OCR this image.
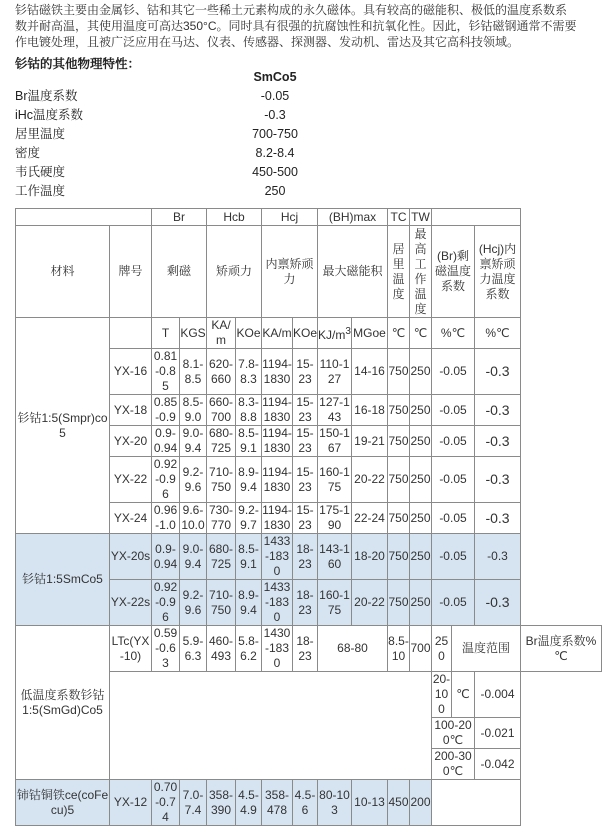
钐钴磁铁主要由金属钐、钴和其它一些稀土元素构成的永久磁体。具有较高的磁能积、极低的温度系数系数并耐高温，其使用温度可高达350°C。同时具有很强的抗腐蚀性和抗氧化性。因此，钐钴磁钢通常不需要作电镀处理，且被广泛应用在马达、仪表、传感器、探测器、发动机、雷达及其它高科技领域。
钐钴的其他物理特性：
SmCo5
Br温度系数	-0.05
iHc温度系数	-0.3
居里温度	700-750
密度	8.2-8.4
韦氏硬度	450-500
工作温度	250
		Br		Hcb		Hcj		(BH)max		TC	TW				
材料	牌号	剩磁		矫顽力		内禀矫顽力		最大磁能积		居里温度	最高工作温度	(Br)剩磁温度系数		(Hcj)内禀矫顽力温度系数	
钐钴1:5(Smpr)co5		T	KGS	KA/m	KOe	KA/m	KOe	$KJ/m^3$	MGoe	℃	℃	%℃		%℃	
	YX-16	0.81-0.85	8.1-8.5	620-660	7.8-8.3	1194-1830	15-23	110-127	14-16	750	250	-0.05		-0.3	
	YX-18	0.85-0.9	8.5-9.0	660-700	8.3-8.8	1194-1830	15-23	127-143	16-18	750	250	-0.05		-0.3	
	YX-20	0.9-0.94	9.0-9.4	680-725	8.5-9.1	1194-1830	15-23	150-167	19-21	750	250	-0.05		-0.3	
	YX-22	0.92-0.96	9.2-9.6	710-750	8.9-9.4	1194-1830	15-23	160-175	20-22	750	250	-0.05		-0.3	
	YX-24	0.96-1.0	9.6-10.0	730-770	9.2-9.7	1194-1830	15-23	175-190	22-24	750	250	-0.05		-0.3	
钐钴1:5SmCo5	YX-20s	0.9-0.94	9.0-9.4	680-725	8.5-9.1	1433-1830	18-23	143-160	18-20	750	250	-0.05		-0.3	
	YX-22s	0.92-0.96	9.2-9.6	710-750	8.9-9.4	1433-1830	18-23	160-175	20-22	750	250	-0.05		-0.3	
低温度系数钐钴1:5(SmGd)Co5	LTc(YX-10)	0.59-0.63	5.9-6.3	460-493	5.8-6.2	1430-1830	18-23	68-80		8.5-10	700	250	温度范围		Br温度系数%℃
												20-100	℃	-0.004	
												100-200℃		-0.021	
												200-300℃		-0.042	
铈钴铜铁ce(coFecu)5	YX-12	0.70-0.74	7.0-7.4	358-390	4.5-4.9	358-478	4.5-6	80-103	10-13	450	200				
